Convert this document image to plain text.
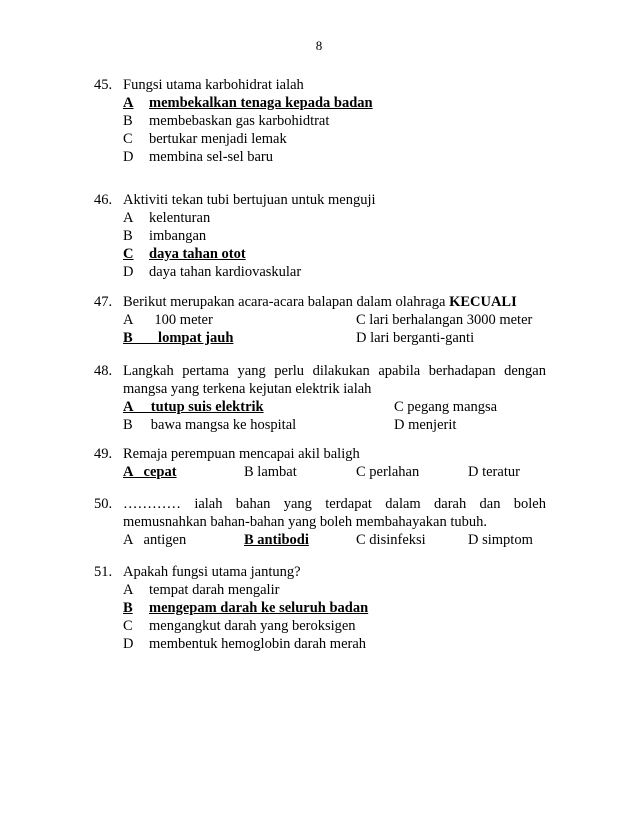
8
45. Fungsi utama karbohidrat ialah
A	membekalkan tenaga kepada badan
B	membebaskan gas karbohidtrat
C	bertukar menjadi lemak
D	membina sel-sel baru
46. Aktiviti tekan tubi bertujuan untuk menguji
A	kelenturan
B	imbangan
C	daya tahan otot
D	daya tahan kardiovaskular
47. Berikut merupakan acara-acara balapan dalam olahraga
KECUALI
A      100 meter	C lari berhalangan 3000 meter
B       lompat jauh	D lari berganti-ganti
48. Langkah pertama yang perlu dilakukan apabila berhadapan dengan
mangsa yang terkena kejutan elektrik ialah
A     tutup suis elektrik	C pegang mangsa
B     bawa mangsa ke hospital	D menjerit
49. Remaja perempuan mencapai akil baligh
A   cepat	B lambat	C perlahan	D teratur
50. ………… ialah bahan yang terdapat dalam darah dan boleh
memusnahkan bahan-bahan yang boleh membahayakan tubuh.
A   antigen	B antibodi	C disinfeksi	D simptom
51. Apakah fungsi utama jantung?
A	tempat darah mengalir
B	mengepam darah ke seluruh badan
C	mengangkut darah yang beroksigen
D	membentuk hemoglobin darah merah
